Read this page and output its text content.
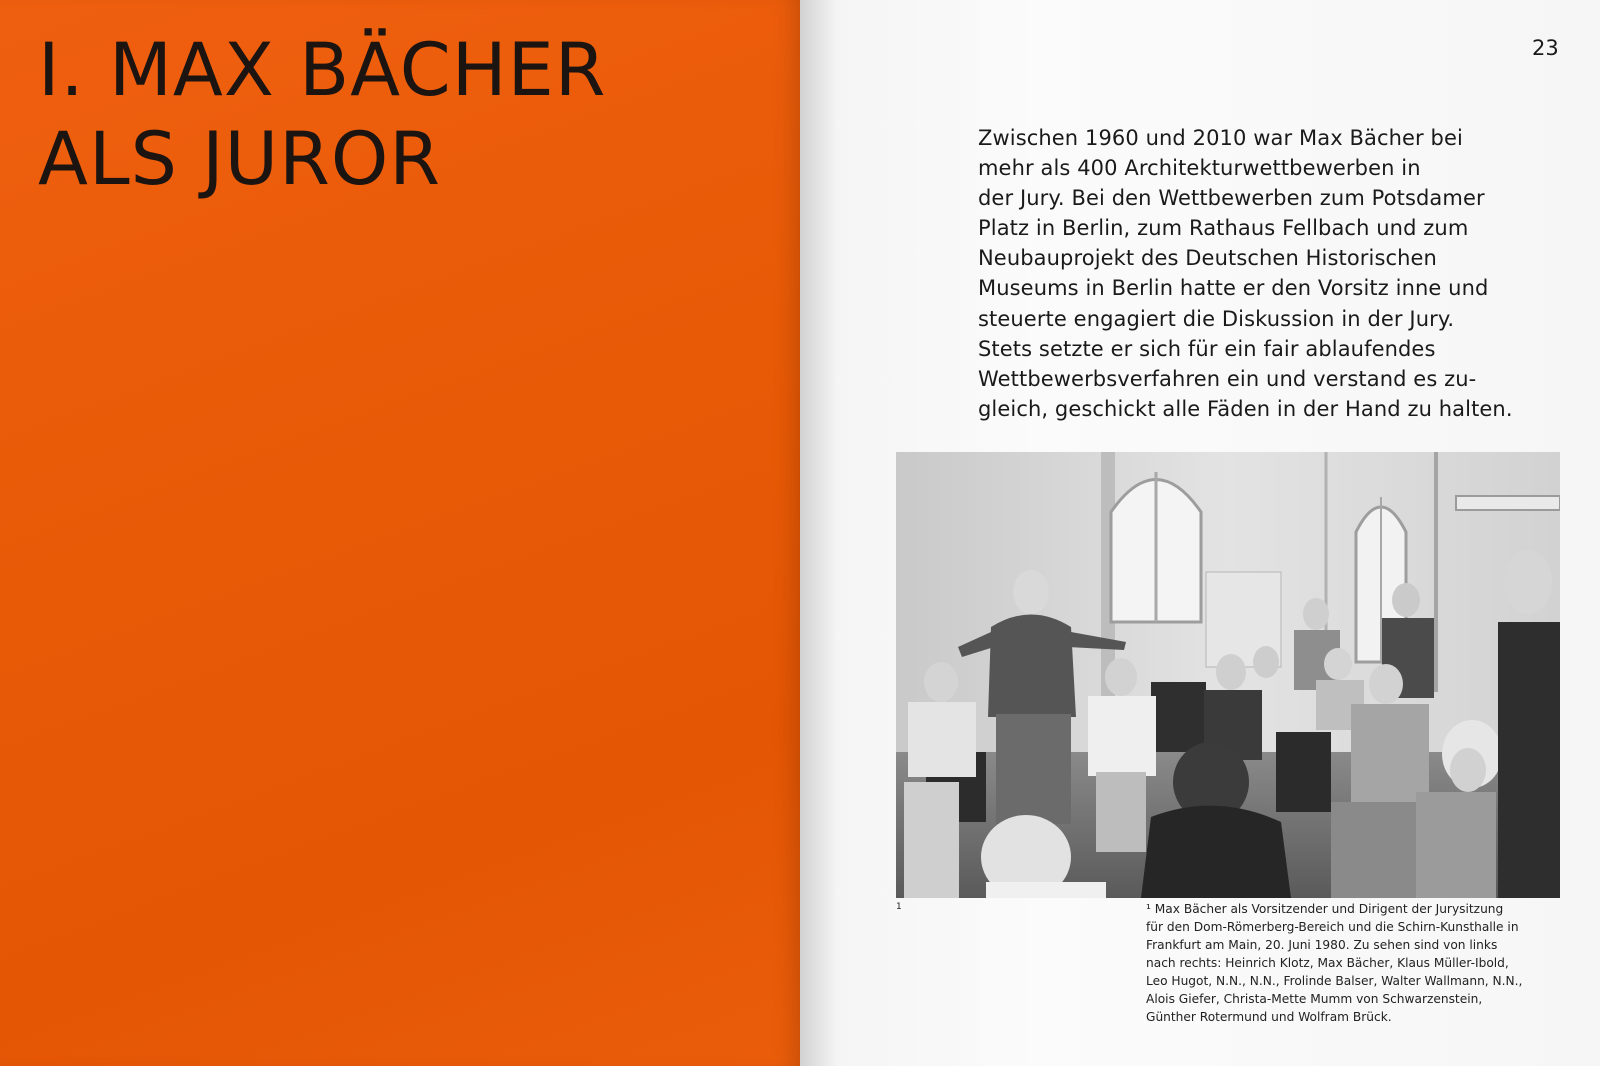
I. MAX BÄCHER
ALS JUROR
23
Zwischen 1960 und 2010 war Max Bächer bei
mehr als 400 Architekturwettbewerben in
der Jury. Bei den Wettbewerben zum Potsdamer
Platz in Berlin, zum Rathaus Fellbach und zum
Neubauprojekt des Deutschen Historischen
Museums in Berlin hatte er den Vorsitz inne und
steuerte engagiert die Diskussion in der Jury.
Stets setzte er sich für ein fair ablaufendes
Wettbewerbsverfahren ein und verstand es zu-
gleich, geschickt alle Fäden in der Hand zu halten.
1	¹ Max Bächer als Vorsitzender und Dirigent der Jurysitzung
für den Dom-Römerberg-Bereich und die Schirn-Kunsthalle in
Frankfurt am Main, 20. Juni 1980. Zu sehen sind von links
nach rechts: Heinrich Klotz, Max Bächer, Klaus Müller-Ibold,
Leo Hugot, N.N., N.N., Frolinde Balser, Walter Wallmann, N.N.,
Alois Giefer, Christa-Mette Mumm von Schwarzenstein,
Günther Rotermund und Wolfram Brück.
